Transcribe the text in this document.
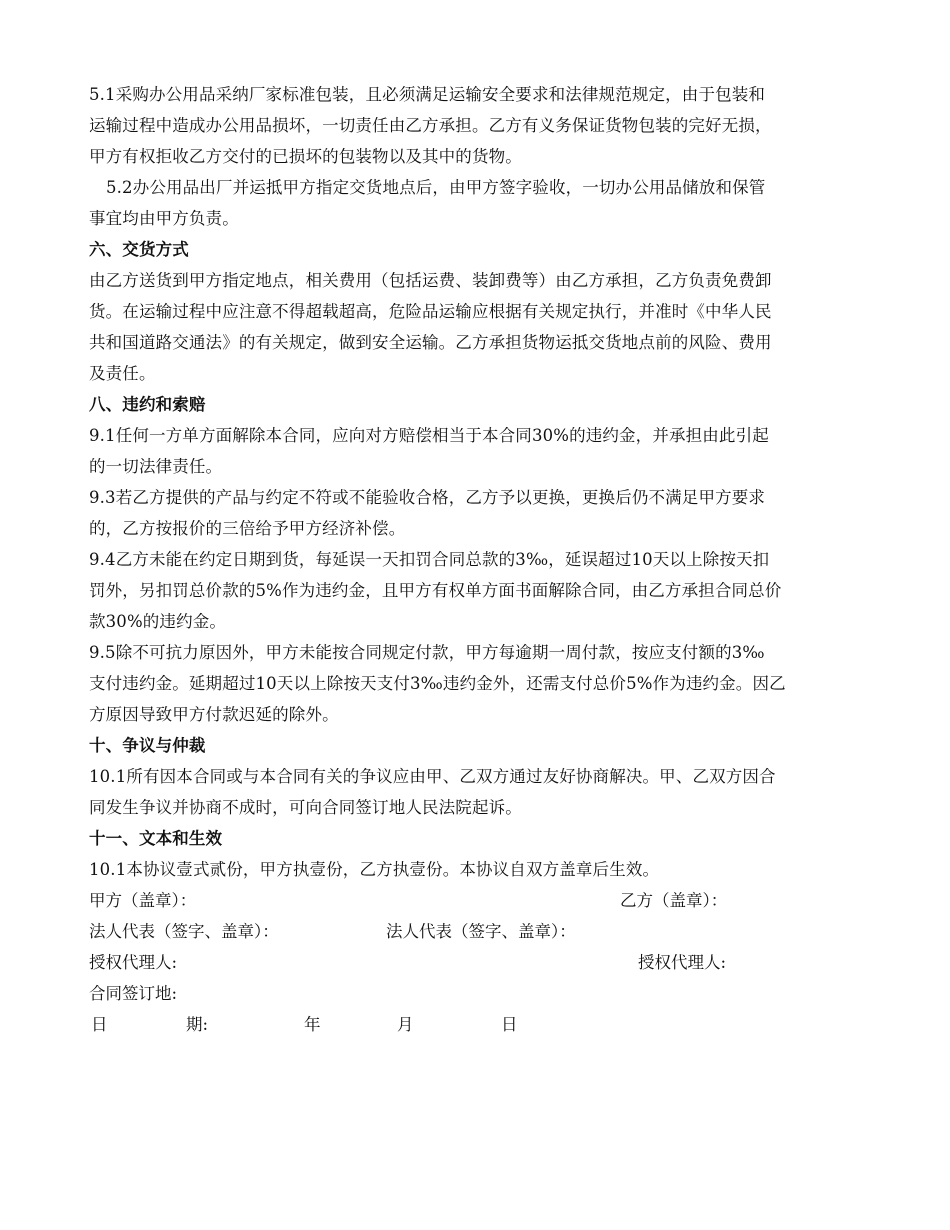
5.1采购办公用品采纳厂家标准包装，且必须满足运输安全要求和法律规范规定，由于包装和
运输过程中造成办公用品损坏，一切责任由乙方承担。乙方有义务保证货物包装的完好无损，
甲方有权拒收乙方交付的已损坏的包装物以及其中的货物。
5.2办公用品出厂并运抵甲方指定交货地点后，由甲方签字验收，一切办公用品储放和保管
事宜均由甲方负责。
六、交货方式
由乙方送货到甲方指定地点，相关费用（包括运费、装卸费等）由乙方承担，乙方负责免费卸
货。在运输过程中应注意不得超载超高，危险品运输应根据有关规定执行，并准时《中华人民
共和国道路交通法》的有关规定，做到安全运输。乙方承担货物运抵交货地点前的风险、费用
及责任。
八、违约和索赔
9.1任何一方单方面解除本合同，应向对方赔偿相当于本合同30%的违约金，并承担由此引起
的一切法律责任。
9.3若乙方提供的产品与约定不符或不能验收合格，乙方予以更换，更换后仍不满足甲方要求
的，乙方按报价的三倍给予甲方经济补偿。
9.4乙方未能在约定日期到货，每延误一天扣罚合同总款的3‰，延误超过10天以上除按天扣
罚外，另扣罚总价款的5%作为违约金，且甲方有权单方面书面解除合同，由乙方承担合同总价
款30%的违约金。
9.5除不可抗力原因外，甲方未能按合同规定付款，甲方每逾期一周付款，按应支付额的3‰
支付违约金。延期超过10天以上除按天支付3‰违约金外，还需支付总价5%作为违约金。因乙
方原因导致甲方付款迟延的除外。
十、争议与仲裁
10.1所有因本合同或与本合同有关的争议应由甲、乙双方通过友好协商解决。甲、乙双方因合
同发生争议并协商不成时，可向合同签订地人民法院起诉。
十一、文本和生效
10.1本协议壹式贰份，甲方执壹份，乙方执壹份。本协议自双方盖章后生效。
甲方（盖章）：	乙方（盖章）：
法人代表（签字、盖章）：	法人代表（签字、盖章）：
授权代理人:	授权代理人:
合同签订地:
日	期:	年	月	日
